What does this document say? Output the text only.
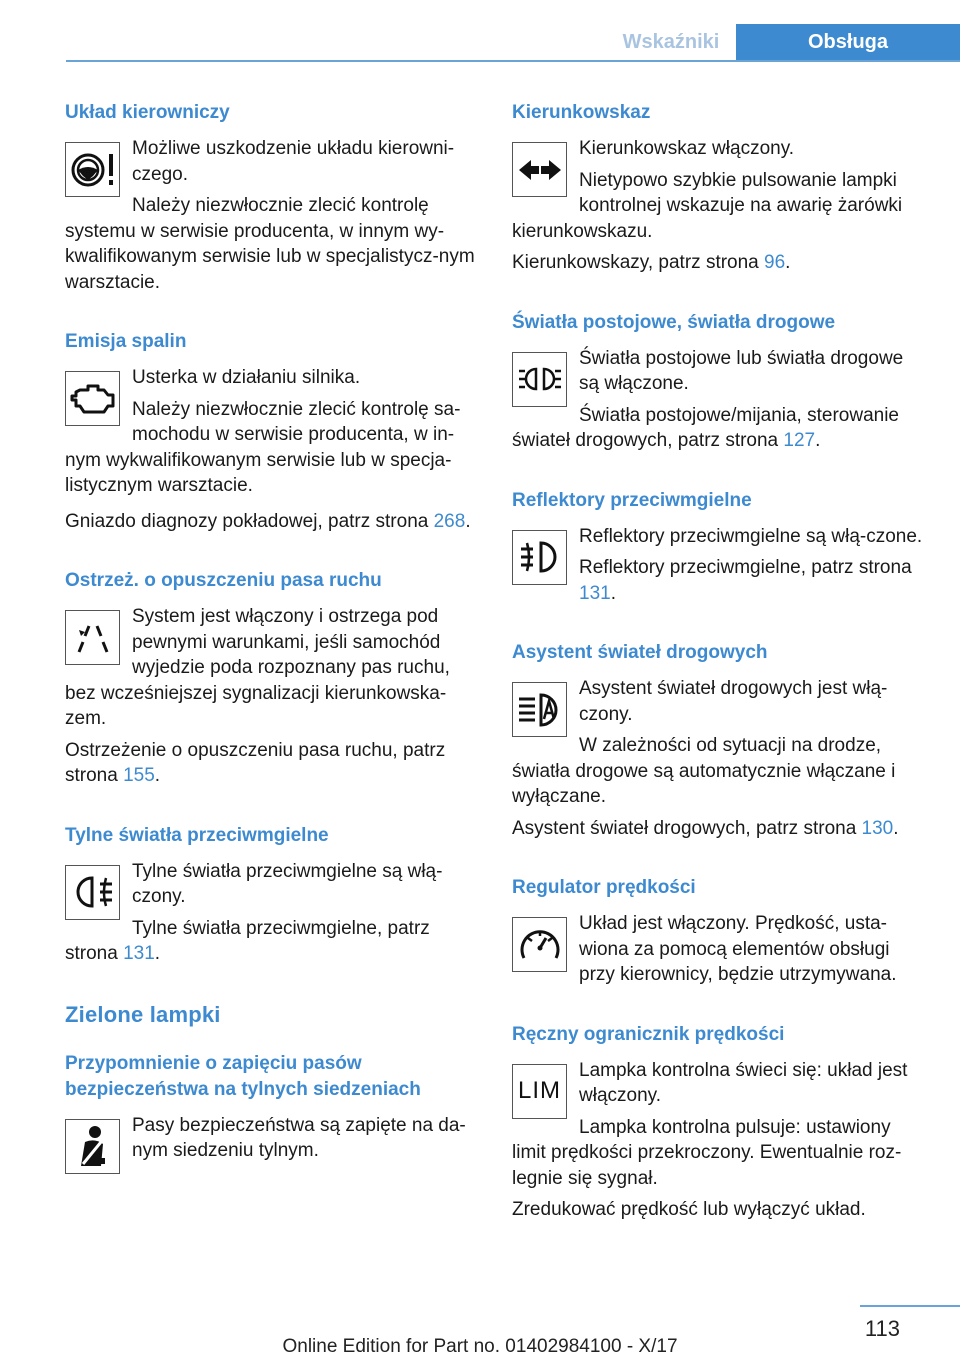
Wskaźniki	Obsługa
Układ kierowniczy

Możliwe uszkodzenie układu kierowni-czego.

Należy niezwłocznie zlecić kontrolę systemu w serwisie producenta, w innym wy-kwalifikowanym serwisie lub w specjalistycz-nym warsztacie.

Emisja spalin

Usterka w działaniu silnika.

Należy niezwłocznie zlecić kontrolę sa-mochodu w serwisie producenta, w in-nym wykwalifikowanym serwisie lub w specja-listycznym warsztacie.

Gniazdo diagnozy pokładowej, patrz strona 268.

Ostrzeż. o opuszczeniu pasa ruchu

System jest włączony i ostrzega pod pewnymi warunkami, jeśli samochód wyjedzie poda rozpoznany pas ruchu, bez wcześniejszej sygnalizacji kierunkowska-zem.

Ostrzeżenie o opuszczeniu pasa ruchu, patrz strona 155.

Tylne światła przeciwmgielne

Tylne światła przeciwmgielne są włą-czony.

Tylne światła przeciwmgielne, patrz strona 131.

Zielone lampki
Przypomnienie o zapięciu pasów bezpieczeństwa na tylnych siedzeniach

Pasy bezpieczeństwa są zapięte na da-nym siedzeniu tylnym.

Kierunkowskaz

Kierunkowskaz włączony.

Nietypowo szybkie pulsowanie lampki kontrolnej wskazuje na awarię żarówki kierunkowskazu.

Kierunkowskazy, patrz strona 96.

Światła postojowe, światła drogowe

Światła postojowe lub światła drogowe są włączone.

Światła postojowe/mijania, sterowanie świateł drogowych, patrz strona 127.

Reflektory przeciwmgielne

Reflektory przeciwmgielne są włą-czone.

Reflektory przeciwmgielne, patrz strona 131.

Asystent świateł drogowych

Asystent świateł drogowych jest włą-czony.

W zależności od sytuacji na drodze, światła drogowe są automatycznie włączane i wyłączane.

Asystent świateł drogowych, patrz strona 130.

Regulator prędkości

Układ jest włączony. Prędkość, usta-wiona za pomocą elementów obsługi przy kierownicy, będzie utrzymywana.

Ręczny ogranicznik prędkości
LIM

Lampka kontrolna świeci się: układ jest włączony.

Lampka kontrolna pulsuje: ustawiony limit prędkości przekroczony. Ewentualnie roz-legnie się sygnał.

Zredukować prędkość lub wyłączyć układ.

113
Online Edition for Part no. 01402984100 - X/17
